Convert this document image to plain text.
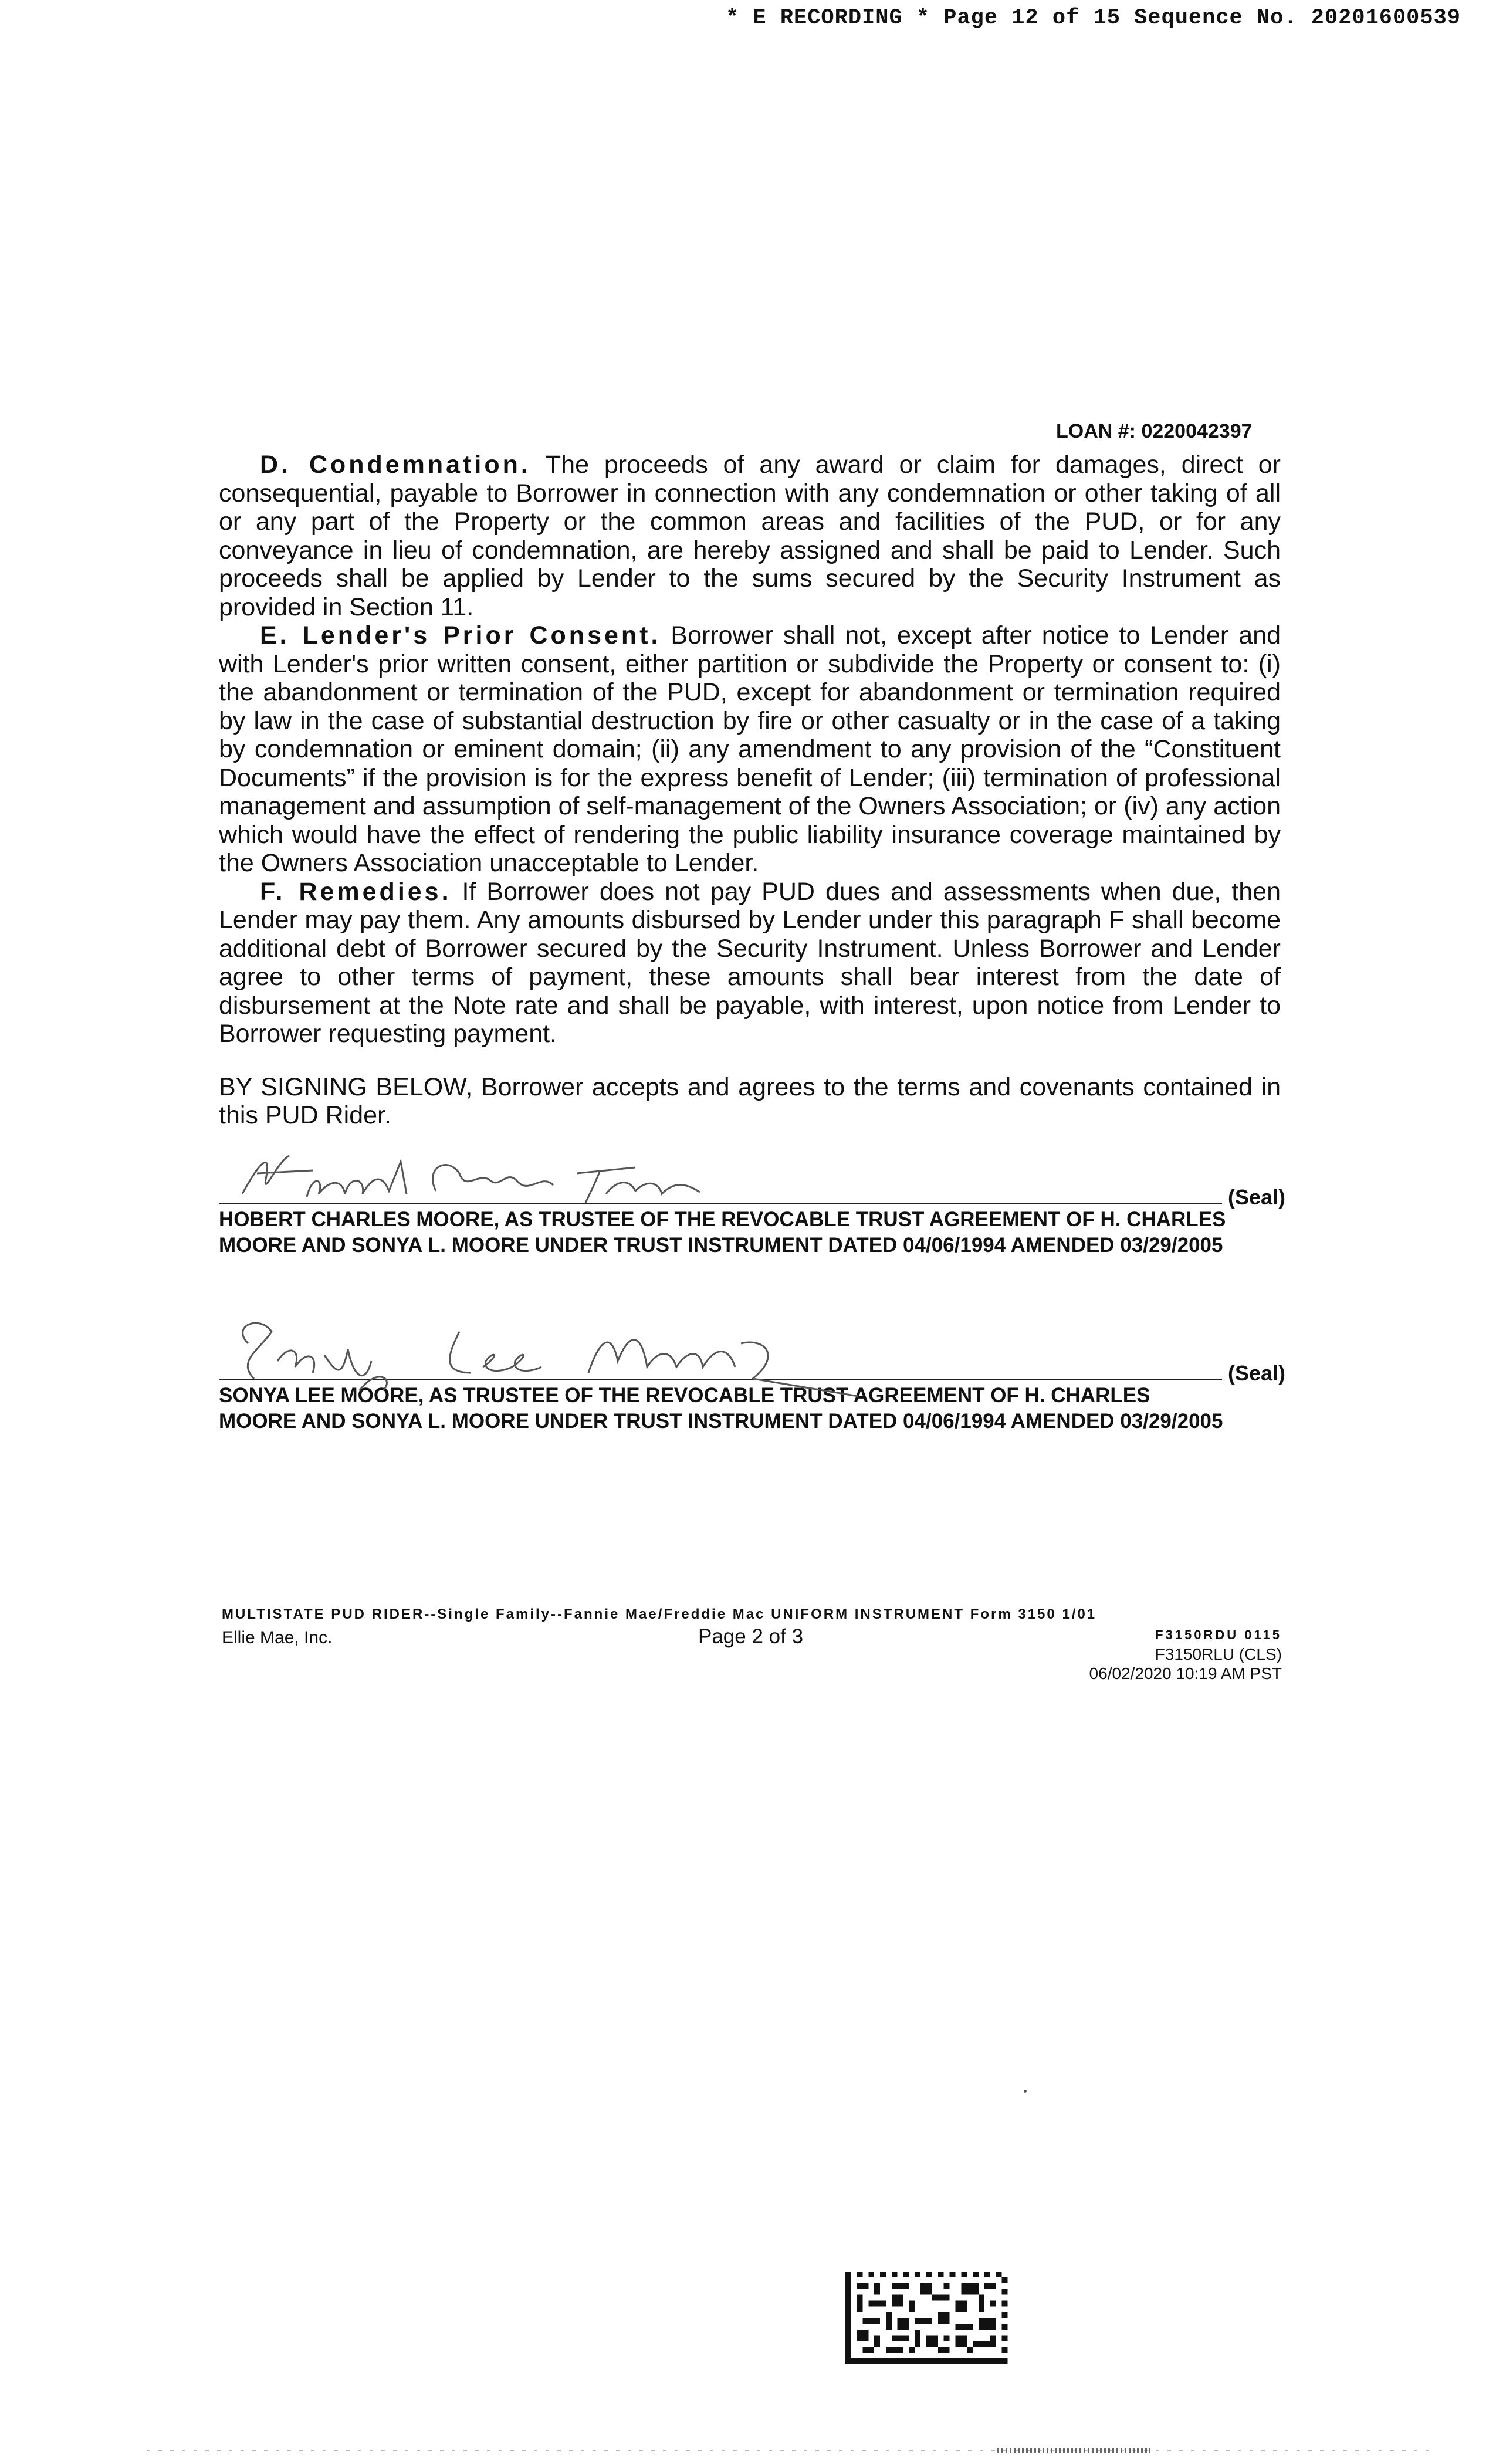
* E RECORDING * Page 12 of 15 Sequence No. 20201600539
LOAN #: 0220042397

D. Condemnation. The proceeds of any award or claim for damages, direct or consequential, payable to Borrower in connection with any condemnation or other taking of all or any part of the Property or the common areas and facilities of the PUD, or for any conveyance in lieu of condemnation, are hereby assigned and shall be paid to Lender. Such proceeds shall be applied by Lender to the sums secured by the Security Instrument as provided in Section 11.

E. Lender's Prior Consent. Borrower shall not, except after notice to Lender and with Lender's prior written consent, either partition or subdivide the Property or consent to: (i) the abandonment or termination of the PUD, except for abandonment or termination required by law in the case of substantial destruction by fire or other casualty or in the case of a taking by condemnation or eminent domain; (ii) any amendment to any provision of the “Constituent Documents” if the provision is for the express benefit of Lender; (iii) termination of professional management and assumption of self-management of the Owners Association; or (iv) any action which would have the effect of rendering the public liability insurance coverage maintained by the Owners Association unacceptable to Lender.

F. Remedies. If Borrower does not pay PUD dues and assessments when due, then Lender may pay them. Any amounts disbursed by Lender under this paragraph F shall become additional debt of Borrower secured by the Security Instrument. Unless Borrower and Lender agree to other terms of payment, these amounts shall bear interest from the date of disbursement at the Note rate and shall be payable, with interest, upon notice from Lender to Borrower requesting payment.

BY SIGNING BELOW, Borrower accepts and agrees to the terms and covenants contained in this PUD Rider.

(Seal)
HOBERT CHARLES MOORE, AS TRUSTEE OF THE REVOCABLE TRUST AGREEMENT OF H. CHARLES MOORE AND SONYA L. MOORE UNDER TRUST INSTRUMENT DATED 04/06/1994 AMENDED 03/29/2005
(Seal)
SONYA LEE MOORE, AS TRUSTEE OF THE REVOCABLE TRUST AGREEMENT OF H. CHARLES MOORE AND SONYA L. MOORE UNDER TRUST INSTRUMENT DATED 04/06/1994 AMENDED 03/29/2005
MULTISTATE PUD RIDER--Single Family--Fannie Mae/Freddie Mac UNIFORM INSTRUMENT Form 3150 1/01
Ellie Mae, Inc.	Page 2 of 3	F3150RDU 0115
F3150RLU (CLS)
06/02/2020 10:19 AM PST
